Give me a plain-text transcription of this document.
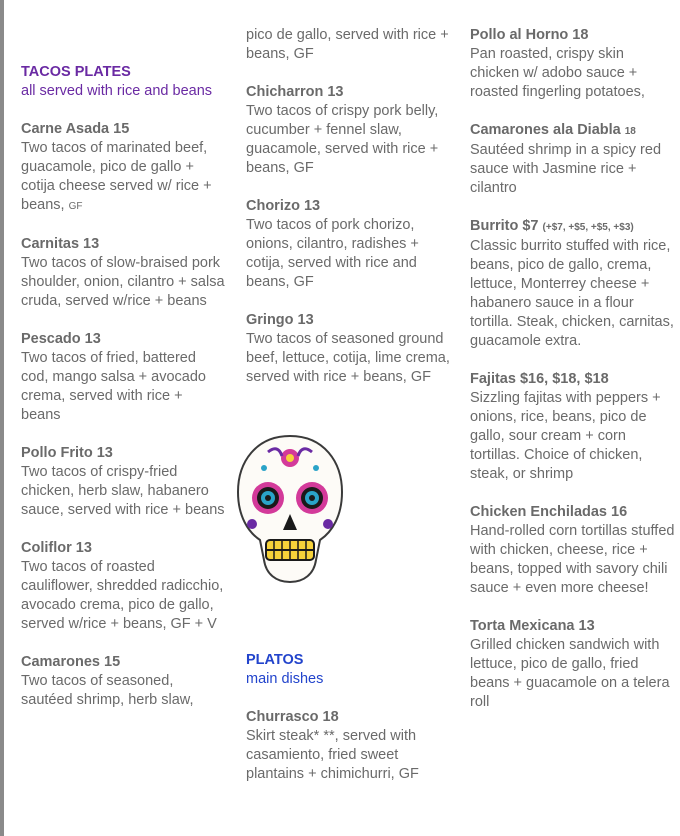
TACOS PLATES
all served with rice and beans
Carne Asada 15
Two tacos of marinated beef, guacamole, pico de gallo + cotija cheese served w/ rice + beans, GF
Carnitas 13
Two tacos of slow-braised pork shoulder, onion, cilantro + salsa cruda, served w/rice + beans
Pescado 13
Two tacos of fried, battered cod, mango salsa + avocado crema, served with rice + beans
Pollo Frito 13
Two tacos of crispy-fried chicken, herb slaw, habanero sauce, served with rice + beans
Coliflor 13
Two tacos of roasted cauliflower, shredded radicchio, avocado crema, pico de gallo, served w/rice + beans, GF + V
Camarones 15
Two tacos of seasoned, sautéed shrimp, herb slaw,
pico de gallo, served with rice + beans, GF
Chicharron 13
Two tacos of crispy pork belly, cucumber + fennel slaw, guacamole, served with rice + beans, GF
Chorizo 13
Two tacos of pork chorizo, onions, cilantro, radishes + cotija, served with rice and beans, GF
Gringo 13
Two tacos of seasoned ground beef, lettuce, cotija, lime crema, served with rice + beans, GF
PLATOS
main dishes
Churrasco 18
Skirt steak* **, served with casamiento, fried sweet plantains + chimichurri, GF
Pollo al Horno 18
Pan roasted, crispy skin chicken w/ adobo sauce + roasted fingerling potatoes,
Camarones ala Diabla 18
Sautéed shrimp in a spicy red sauce with Jasmine rice + cilantro
Burrito $7 (+$7, +$5, +$5, +$3)
Classic burrito stuffed with rice, beans, pico de gallo, crema, lettuce, Monterrey cheese + habanero sauce in a flour tortilla. Steak, chicken, carnitas, guacamole extra.
Fajitas $16, $18, $18
Sizzling fajitas with peppers + onions, rice, beans, pico de gallo, sour cream + corn tortillas. Choice of chicken, steak, or shrimp
Chicken Enchiladas 16
Hand-rolled corn tortillas stuffed with chicken, cheese, rice + beans, topped with savory chili sauce + even more cheese!
Torta Mexicana 13
Grilled chicken sandwich with lettuce, pico de gallo, fried beans + guacamole on a telera roll
